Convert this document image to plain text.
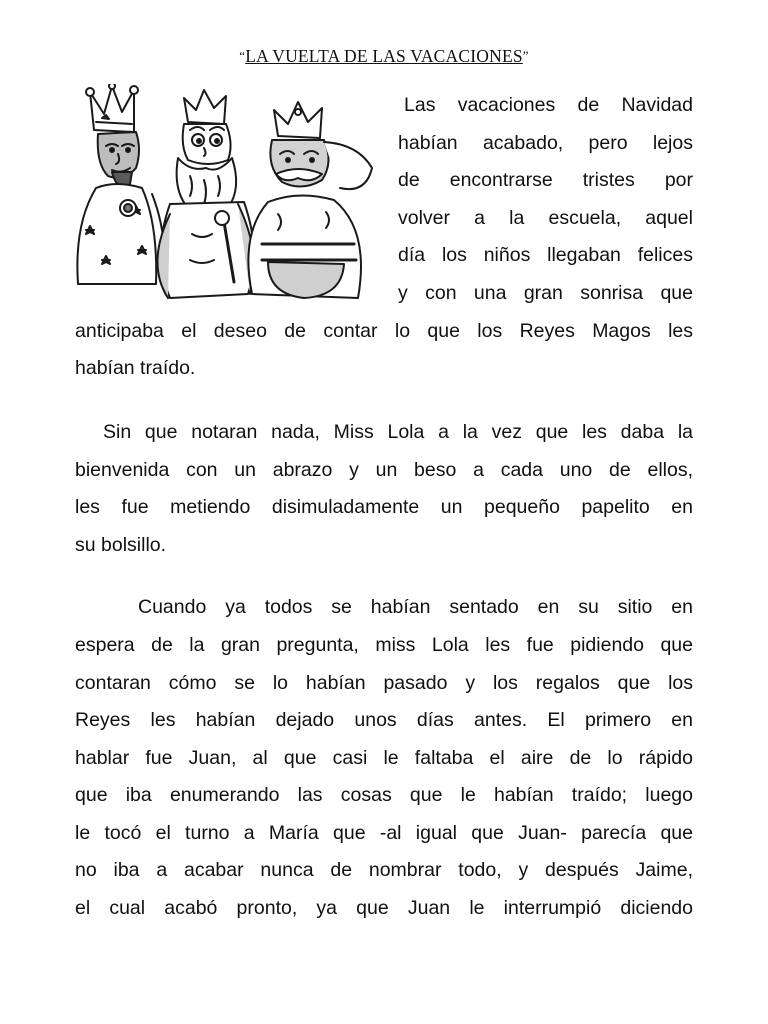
“LA VUELTA DE LAS VACACIONES”
Las vacaciones de Navidad
habían acabado, pero lejos
de encontrarse tristes por
volver a la escuela, aquel
día los niños llegaban felices
y con una gran sonrisa que
anticipaba el deseo de contar lo que los Reyes Magos les
habían traído.
Sin que notaran nada, Miss Lola a la vez que les daba la
bienvenida con un abrazo y un beso a cada uno de ellos,
les fue metiendo disimuladamente un pequeño papelito en
su bolsillo.
Cuando ya todos se habían sentado en su sitio en
espera de la gran pregunta, miss Lola les fue pidiendo que
contaran cómo se lo habían pasado y los regalos que los
Reyes les habían dejado unos días antes. El primero en
hablar fue Juan, al que casi le faltaba el aire de lo rápido
que iba enumerando las cosas que le habían traído; luego
le tocó el turno a María que -al igual que Juan- parecía que
no iba a acabar nunca de nombrar todo, y después Jaime,
el cual acabó pronto, ya que Juan le interrumpió diciendo
